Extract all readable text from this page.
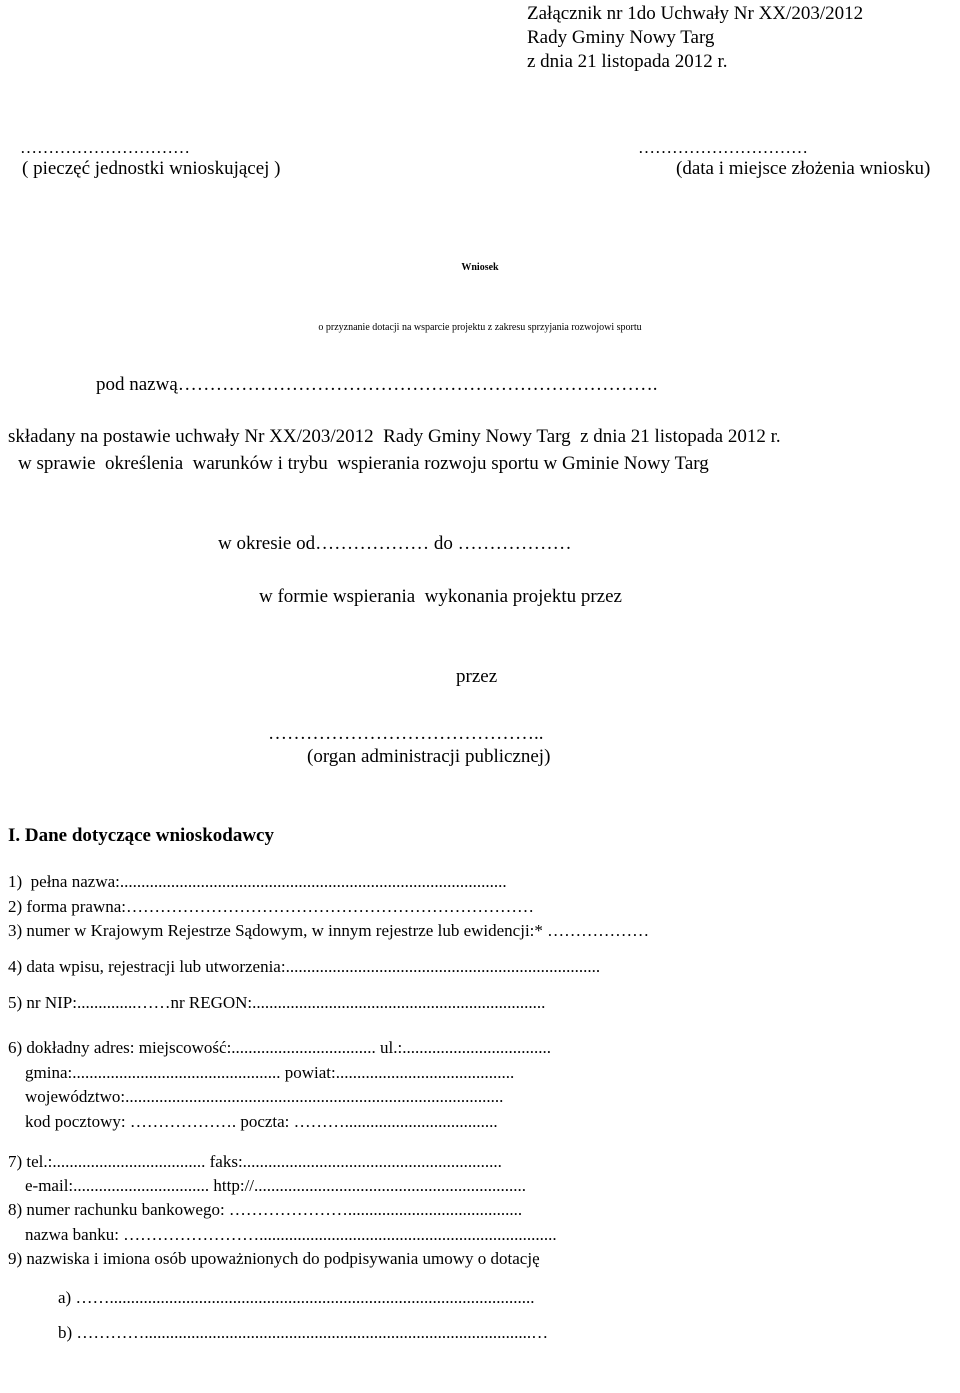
Załącznik nr 1do Uchwały Nr XX/203/2012
Rady Gminy Nowy Targ
z dnia 21 listopada 2012 r.
…………………………
( pieczęć jednostki wnioskującej )
…………………………
(data i miejsce złożenia wniosku)
Wniosek
o przyznanie dotacji na wsparcie projektu z zakresu sprzyjania rozwojowi sportu
pod nazwą………………………………………………………………….
składany na postawie uchwały Nr XX/203/2012  Rady Gminy Nowy Targ  z dnia 21 listopada 2012 r.
w sprawie  określenia  warunków i trybu  wspierania rozwoju sportu w Gminie Nowy Targ
w okresie od……………… do ………………
w formie wspierania  wykonania projektu przez
przez
……………………………………..
(organ administracji publicznej)
I. Dane dotyczące wnioskodawcy
1)  pełna nazwa:...........................................................................................
2) forma prawna:………………………………………………………………
3) numer w Krajowym Rejestrze Sądowym, w innym rejestrze lub ewidencji:* ………………
4) data wpisu, rejestracji lub utworzenia:..........................................................................
5) nr NIP:..............……nr REGON:.....................................................................
6) dokładny adres: miejscowość:.................................. ul.:...................................
gmina:................................................. powiat:..........................................
województwo:.........................................................................................
kod pocztowy: ………………. poczta: ………....................................
7) tel.:.................................... faks:.............................................................
e-mail:................................ http://................................................................
8) numer rachunku bankowego: ………………….........................................
nazwa banku: ……………………......................................................................
9) nazwiska i imiona osób upoważnionych do podpisywania umowy o dotację
a) ……....................................................................................................
b) …………...........................................................................................…
